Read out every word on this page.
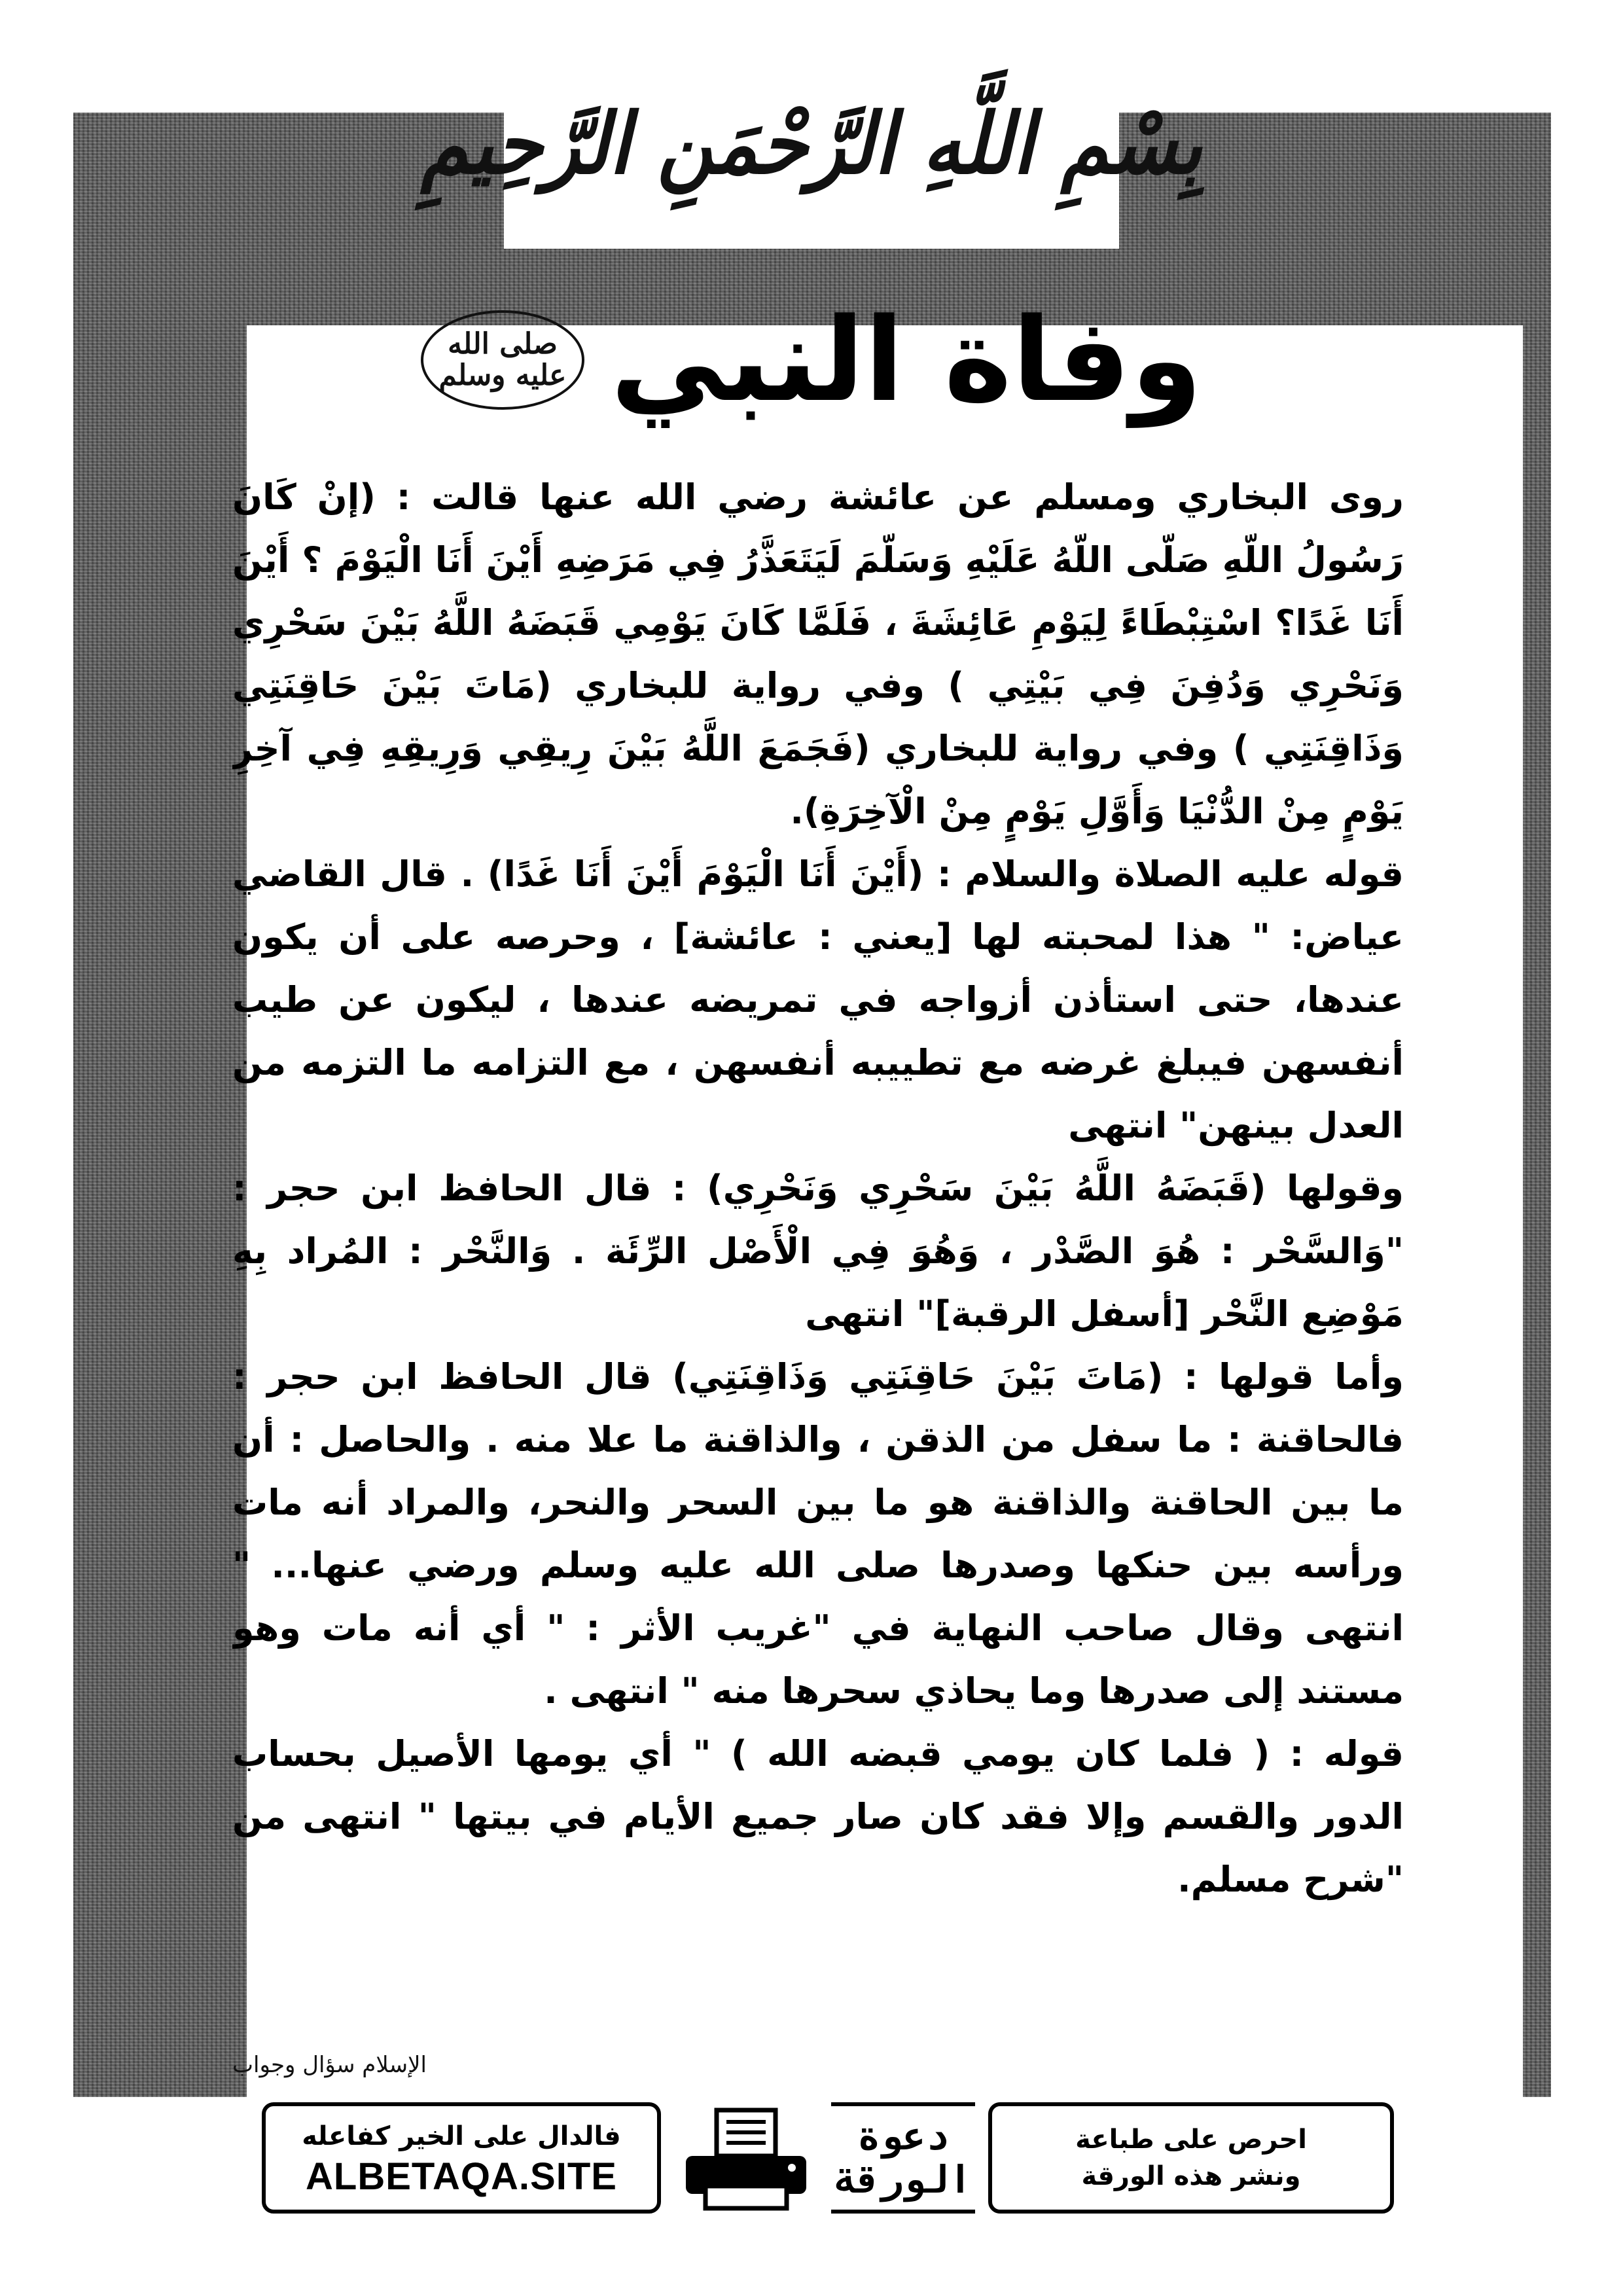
بِسْمِ اللَّهِ الرَّحْمَنِ الرَّحِيمِ
وفاة النبي
صلى الله عليه وسلم

روى البخاري ومسلم عن عائشة رضي الله عنها قالت : (إنْ كَانَ رَسُولُ اللّهِ صَلّى اللّهُ عَلَيْهِ وَسَلّمَ لَيَتَعَذَّرُ فِي مَرَضِهِ أَيْنَ أَنَا الْيَوْمَ ؟ أَيْنَ أَنَا غَدًا؟ اسْتِبْطَاءً لِيَوْمِ عَائِشَةَ ، فَلَمَّا كَانَ يَوْمِي قَبَضَهُ اللَّهُ بَيْنَ سَحْرِي وَنَحْرِي وَدُفِنَ فِي بَيْتِي ) وفي رواية للبخاري (مَاتَ بَيْنَ حَاقِنَتِي وَذَاقِنَتِي ) وفي رواية للبخاري (فَجَمَعَ اللَّهُ بَيْنَ رِيقِي وَرِيقِهِ فِي آخِرِ يَوْمٍ مِنْ الدُّنْيَا وَأَوَّلِ يَوْمٍ مِنْ الْآخِرَةِ).

قوله عليه الصلاة والسلام : (أَيْنَ أَنَا الْيَوْمَ أَيْنَ أَنَا غَدًا) . قال القاضي عياض: " هذا لمحبته لها [يعني : عائشة] ، وحرصه على أن يكون عندها، حتى استأذن أزواجه في تمريضه عندها ، ليكون عن طيب أنفسهن فيبلغ غرضه مع تطييبه أنفسهن ، مع التزامه ما التزمه من العدل بينهن" انتهى

وقولها (قَبَضَهُ اللَّهُ بَيْنَ سَحْرِي وَنَحْرِي) : قال الحافظ ابن حجر : "وَالسَّحْر : هُوَ الصَّدْر ، وَهُوَ فِي الْأَصْل الرِّئَة . وَالنَّحْر : المُراد بِهِ مَوْضِع النَّحْر [أسفل الرقبة]" انتهى

وأما قولها : (مَاتَ بَيْنَ حَاقِنَتِي وَذَاقِنَتِي) قال الحافظ ابن حجر : فالحاقنة : ما سفل من الذقن ، والذاقنة ما علا منه . والحاصل : أن ما بين الحاقنة والذاقنة هو ما بين السحر والنحر، والمراد أنه مات ورأسه بين حنكها وصدرها صلى الله عليه وسلم ورضي عنها... " انتهى وقال صاحب النهاية في "غريب الأثر : " أي أنه مات وهو مستند إلى صدرها وما يحاذي سحرها منه " انتهى .

قوله : ( فلما كان يومي قبضه الله ) " أي يومها الأصيل بحساب الدور والقسم وإلا فقد كان صار جميع الأيام في بيتها " انتهى من "شرح مسلم.

الإسلام سؤال وجواب
فالدال على الخير كفاعله
ALBETAQA.SITE
دعوة
الورقة
احرص على طباعة
ونشر هذه الورقة
